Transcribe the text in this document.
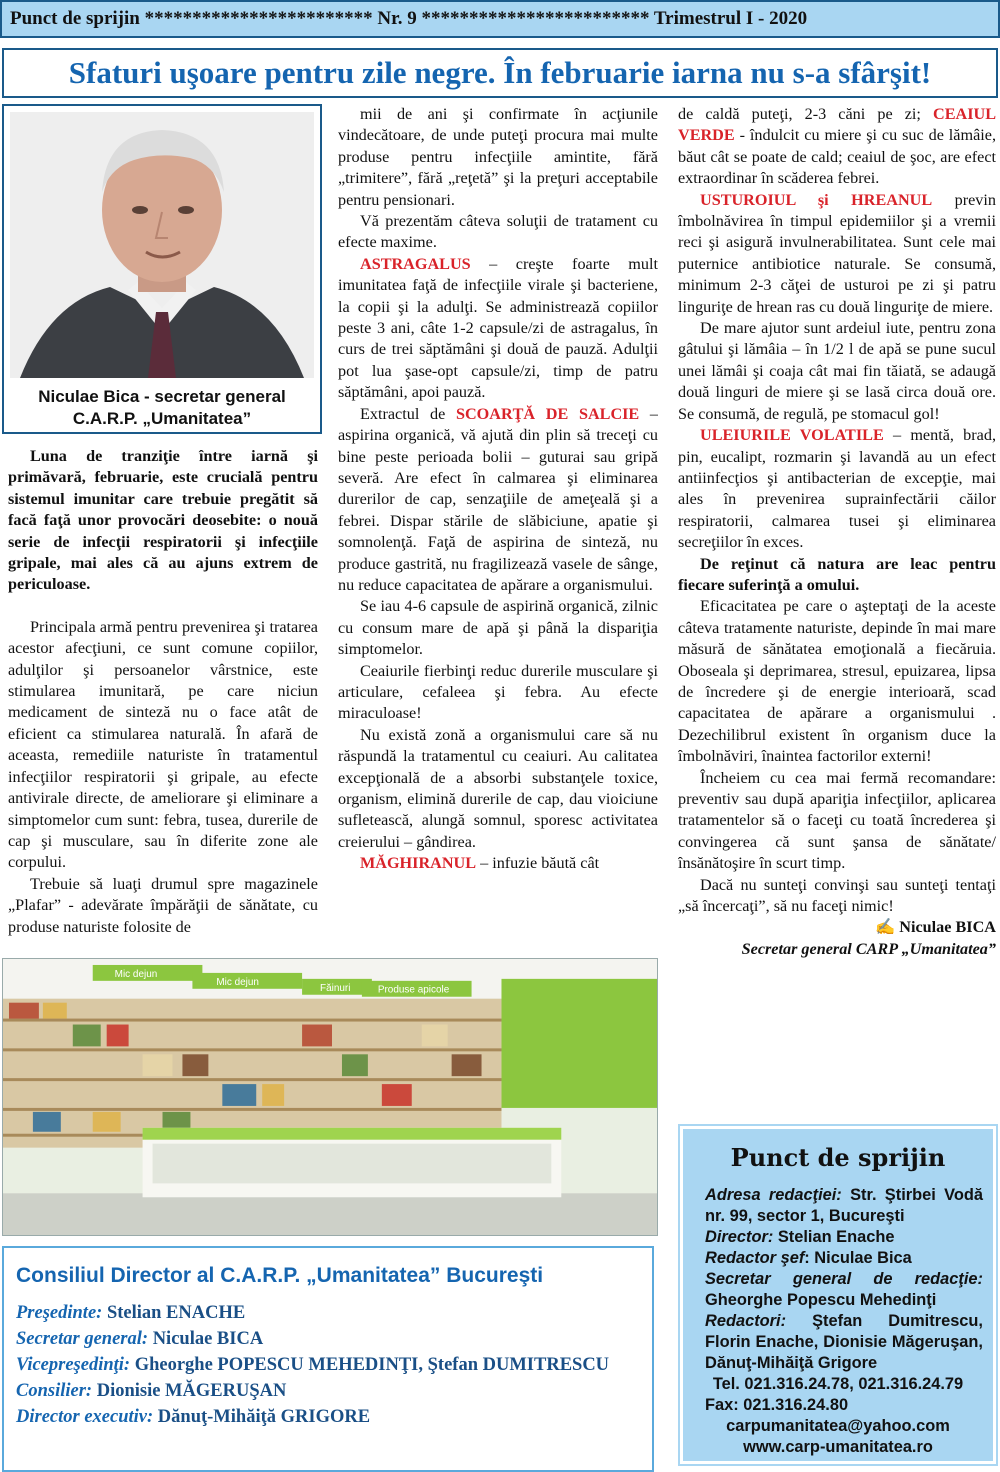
Punct de sprijin ************************ Nr. 9 ************************ Trimestrul I - 2020
Sfaturi uşoare pentru zile negre. În februarie iarna nu s-a sfârşit!
Niculae Bica - secretar general
C.A.R.P. „Umanitatea”

Luna de tranziţie între iarnă şi primăvară, februarie, este crucială pentru sistemul imunitar care trebuie pregătit să facă faţă unor provocări deosebite: o nouă serie de infecţii respiratorii şi infecţiile gripale, mai ales că au ajuns extrem de periculoase.

Principala armă pentru prevenirea şi tratarea acestor afecţiuni, ce sunt comune copiilor, adulţilor şi persoanelor vârstnice, este stimularea imunitară, pe care niciun medicament de sinteză nu o face atât de eficient ca stimularea naturală. În afară de aceasta, remediile naturiste în tratamentul infecţiilor respiratorii şi gripale, au efecte antivirale directe, de ameliorare şi eliminare a simptomelor cum sunt: febra, tusea, durerile de cap şi musculare, sau în diferite zone ale corpului.

Trebuie să luaţi drumul spre magazinele „Plafar” - adevărate împărăţii de sănătate, cu produse naturiste folosite de

mii de ani şi confirmate în acţiunile vindecătoare, de unde puteţi procura mai multe produse pentru infecţiile amintite, fără „trimitere”, fără „reţetă” şi la preţuri acceptabile pentru pensionari.

Vă prezentăm câteva soluţii de tratament cu efecte maxime.

ASTRAGALUS – creşte foarte mult imunitatea faţă de infecţiile virale şi bacteriene, la copii şi la adulţi. Se administrează copiilor peste 3 ani, câte 1-2 capsule/zi de astragalus, în curs de trei săptămâni şi două de pauză. Adulţii pot lua şase-opt capsule/zi, timp de patru săptămâni, apoi pauză.

Extractul de SCOARŢĂ DE SALCIE – aspirina organică, vă ajută din plin să treceţi cu bine peste perioada bolii – guturai sau gripă severă. Are efect în calmarea şi eliminarea durerilor de cap, senzaţiile de ameţeală şi a febrei. Dispar stările de slăbiciune, apatie şi somnolenţă. Faţă de aspirina de sinteză, nu produce gastrită, nu fragilizează vasele de sânge, nu reduce capacitatea de apărare a organismului.

Se iau 4-6 capsule de aspirină organică, zilnic cu consum mare de apă şi până la dispariţia simptomelor.

Ceaiurile fierbinţi reduc durerile musculare şi articulare, cefaleea şi febra. Au efecte miraculoase!

Nu există zonă a organismului care să nu răspundă la tratamentul cu ceaiuri. Au calitatea excepţională de a absorbi substanţele toxice, organism, elimină durerile de cap, dau vioiciune sufletească, alungă somnul, sporesc activitatea creierului – gândirea.

MĂGHIRANUL – infuzie băută cât

de caldă puteţi, 2-3 căni pe zi; CEAIUL VERDE - îndulcit cu miere şi cu suc de lămâie, băut cât se poate de cald; ceaiul de şoc, are efect extraordinar în scăderea febrei.

USTUROIUL şi HREANUL previn îmbolnăvirea în timpul epidemiilor şi a vremii reci şi asigură invulnerabilitatea. Sunt cele mai puternice antibiotice naturale. Se consumă, minimum 2-3 căţei de usturoi pe zi şi patru linguriţe de hrean ras cu două linguriţe de miere.

De mare ajutor sunt ardeiul iute, pentru zona gâtului şi lămâia – în 1/2 l de apă se pune sucul unei lămâi şi coaja cât mai fin tăiată, se adaugă două linguri de miere şi se lasă circa două ore. Se consumă, de regulă, pe stomacul gol!

ULEIURILE VOLATILE – mentă, brad, pin, eucalipt, rozmarin şi lavandă au un efect antiinfecţios şi antibacterian de excepţie, mai ales în prevenirea suprainfectării căilor respiratorii, calmarea tusei şi eliminarea secreţiilor în exces.

De reţinut că natura are leac pentru fiecare suferinţă a omului.

Eficacitatea pe care o aşteptaţi de la aceste câteva tratamente naturiste, depinde în mai mare măsură de sănătatea emoţională a fiecăruia. Oboseala şi deprimarea, stresul, epuizarea, lipsa de încredere şi de energie interioară, scad capacitatea de apărare a organismului . Dezechilibrul existent în organism duce la îmbolnăviri, înaintea factorilor externi!

Încheiem cu cea mai fermă recomandare: preventiv sau după apariţia infecţiilor, aplicarea tratamentelor să o faceţi cu toată încrederea şi convingerea că sunt şansa de sănătate/ însănătoşire în scurt timp.

Dacă nu sunteţi convinşi sau sunteţi tentaţi „să încercaţi”, să nu faceţi nimic!

✍ Niculae BICA
Secretar general CARP „Umanitatea”
Mic dejun
Mic dejun
Făinuri	Produse apicole
Consiliul Director al C.A.R.P. „Umanitatea” Bucureşti
Preşedinte: Stelian ENACHE
Secretar general: Niculae BICA
Vicepreşedinţi: Gheorghe POPESCU MEHEDINŢI, Ştefan DUMITRESCU
Consilier: Dionisie MĂGERUŞAN
Director executiv: Dănuţ-Mihăiţă GRIGORE
Punct de sprijin
Adresa redacţiei: Str. Ştirbei Vodă nr. 99, sector 1, Bucureşti
Director: Stelian Enache
Redactor şef: Niculae Bica
Secretar general de redacţie: Gheorghe Popescu Mehedinţi
Redactori: Ştefan Dumitrescu, Florin Enache, Dionisie Măgeruşan, Dănuţ-Mihăiţă Grigore
Tel. 021.316.24.78, 021.316.24.79
Fax: 021.316.24.80
carpumanitatea@yahoo.com
www.carp-umanitatea.ro
